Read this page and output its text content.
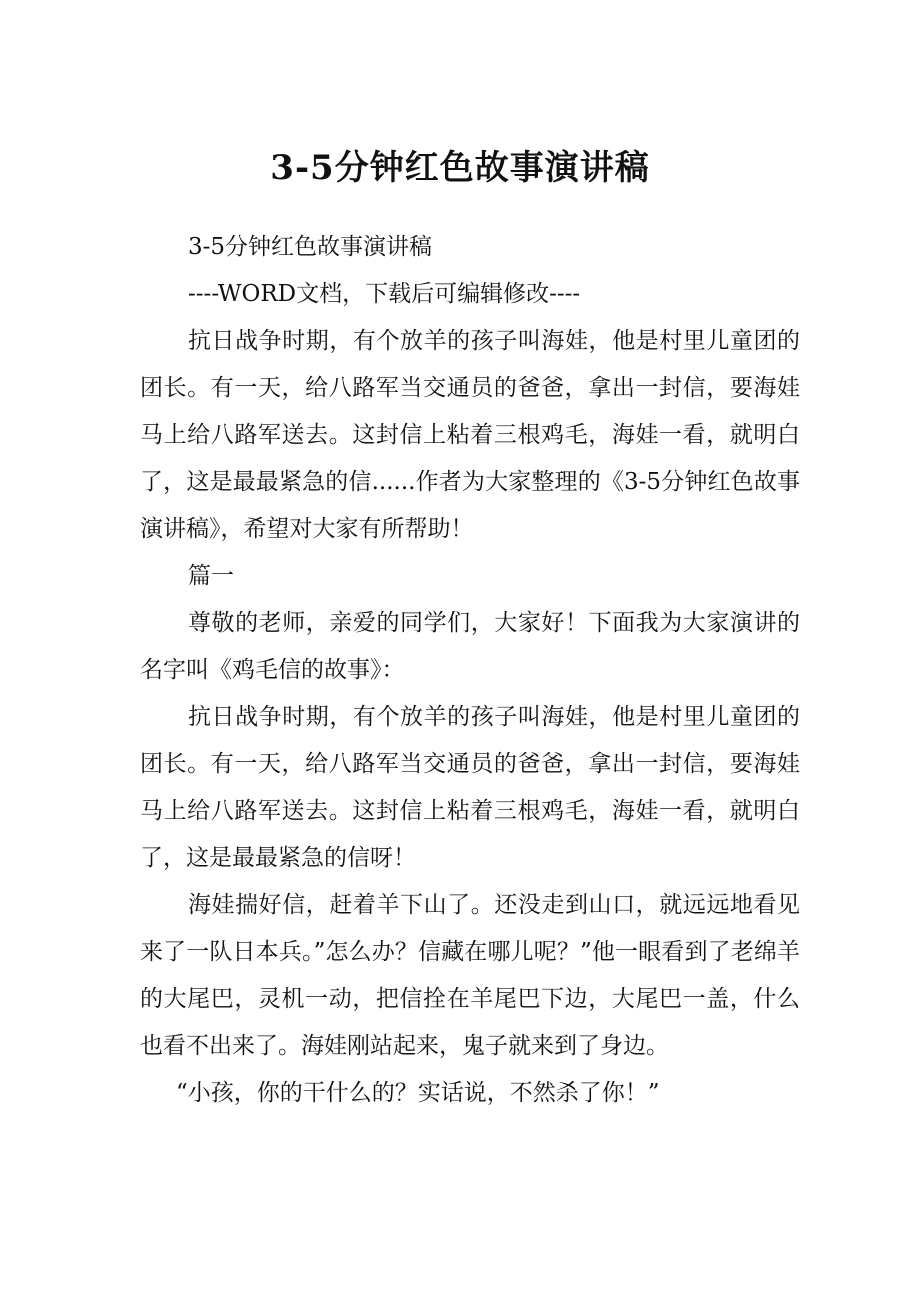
3-5分钟红色故事演讲稿

3-5分钟红色故事演讲稿

----WORD文档，下载后可编辑修改----

抗日战争时期，有个放羊的孩子叫海娃，他是村里儿童团的团长。有一天，给八路军当交通员的爸爸，拿出一封信，要海娃马上给八路军送去。这封信上粘着三根鸡毛，海娃一看，就明白了，这是最最紧急的信......作者为大家整理的《3-5分钟红色故事演讲稿》，希望对大家有所帮助！

篇一

尊敬的老师，亲爱的同学们，大家好！下面我为大家演讲的名字叫《鸡毛信的故事》：

抗日战争时期，有个放羊的孩子叫海娃，他是村里儿童团的团长。有一天，给八路军当交通员的爸爸，拿出一封信，要海娃马上给八路军送去。这封信上粘着三根鸡毛，海娃一看，就明白了，这是最最紧急的信呀！

海娃揣好信，赶着羊下山了。还没走到山口，就远远地看见来了一队日本兵。”怎么办？信藏在哪儿呢？”他一眼看到了老绵羊的大尾巴，灵机一动，把信拴在羊尾巴下边，大尾巴一盖，什么也看不出来了。海娃刚站起来，鬼子就来到了身边。

“小孩，你的干什么的？实话说，不然杀了你！”
